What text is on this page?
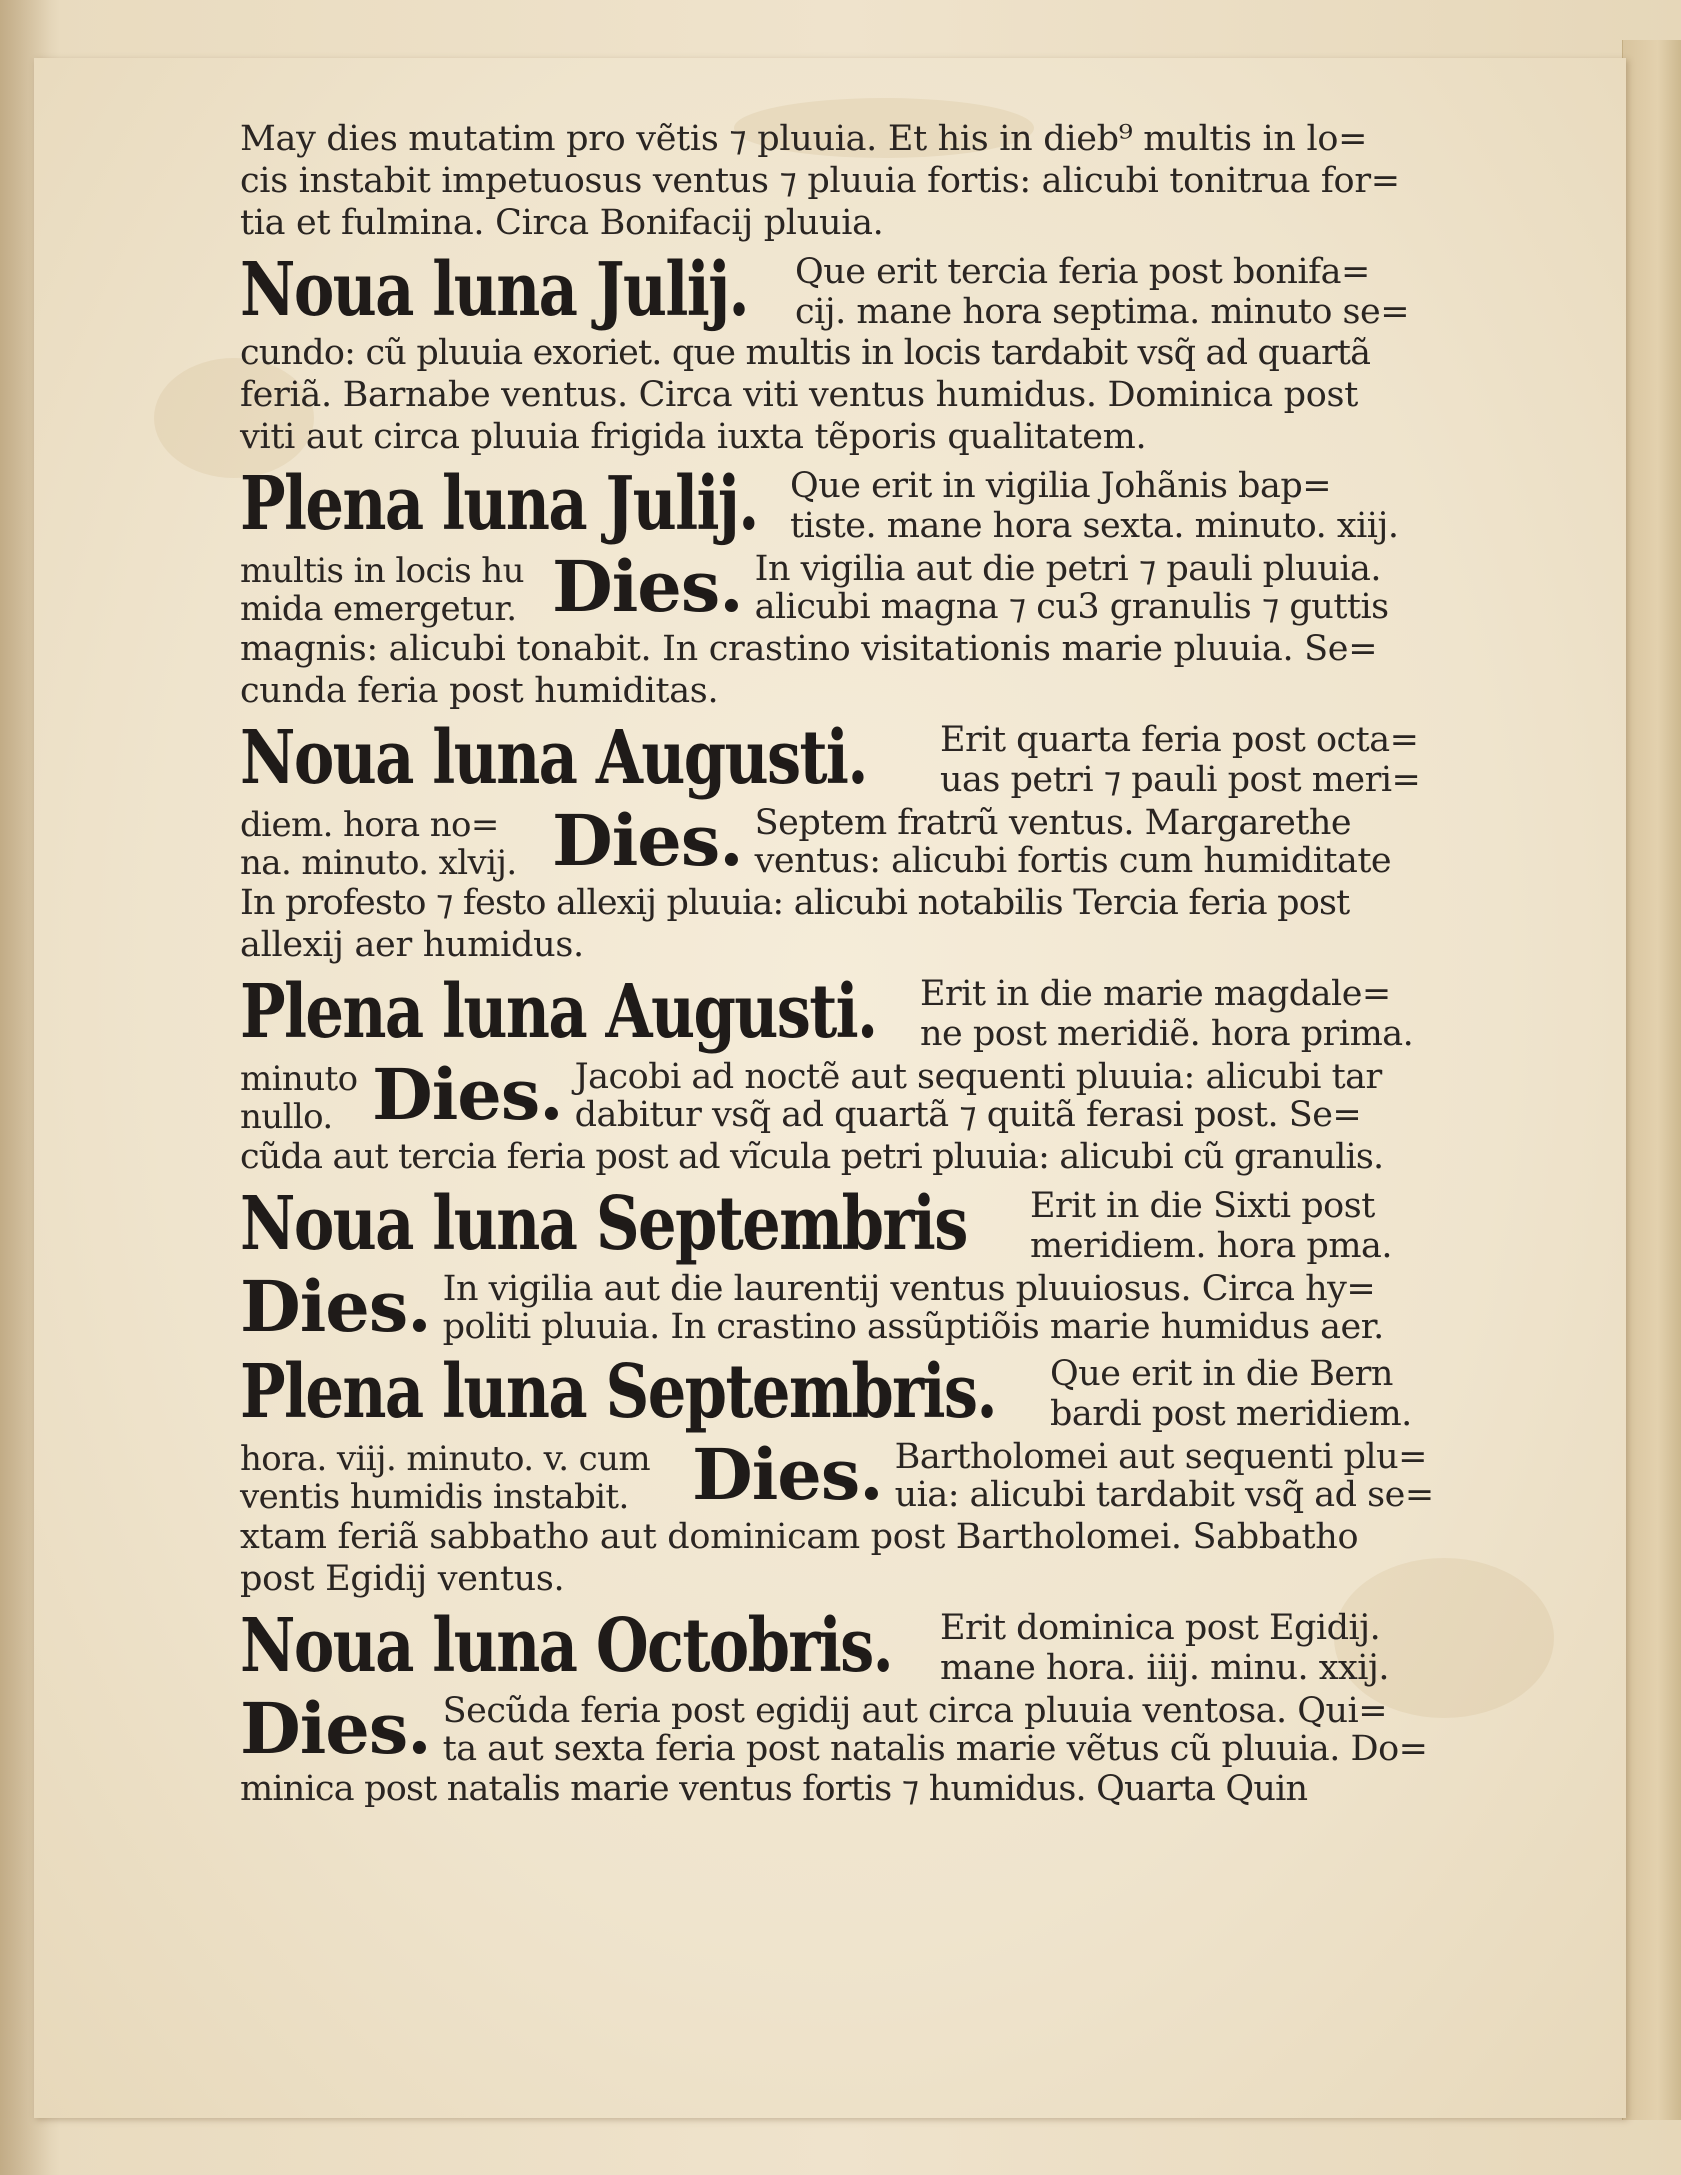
May dies mutatim pro vẽtis ⁊ pluuia. Et his in dieb⁹ multis in lo=
cis instabit impetuosus ventus ⁊ pluuia fortis: alicubi tonitrua for=
tia et fulmina. Circa Bonifacij pluuia.
Noua luna Julij. Que erit tercia feria post bonifa=
cij. mane hora septima. minuto se=
cundo: cũ pluuia exoriet. que multis in locis tardabit vsq̃ ad quartã
feriã. Barnabe ventus. Circa viti ventus humidus. Dominica post
viti aut circa pluuia frigida iuxta tẽporis qualitatem.
Plena luna Julij. Que erit in vigilia Johãnis bap=
tiste. mane hora sexta. minuto. xiij.
multis in locis hu
mida emergetur. Dies. In vigilia aut die petri ⁊ pauli pluuia.
alicubi magna ⁊ cu3 granulis ⁊ guttis
magnis: alicubi tonabit. In crastino visitationis marie pluuia. Se=
cunda feria post humiditas.
Noua luna Augusti. Erit quarta feria post octa=
uas petri ⁊ pauli post meri=
diem. hora no=
na. minuto. xlvij. Dies. Septem fratrũ ventus. Margarethe
ventus: alicubi fortis cum humiditate
In profesto ⁊ festo allexij pluuia: alicubi notabilis Tercia feria post
allexij aer humidus.
Plena luna Augusti. Erit in die marie magdale=
ne post meridiẽ. hora prima.
minuto
nullo. Dies. Jacobi ad noctẽ aut sequenti pluuia: alicubi tar
dabitur vsq̃ ad quartã ⁊ quitã ferasi post. Se=
cũda aut tercia feria post ad vĩcula petri pluuia: alicubi cũ granulis.
Noua luna Septembris Erit in die Sixti post
meridiem. hora pma.
Dies. In vigilia aut die laurentij ventus pluuiosus. Circa hy=
politi pluuia. In crastino assũptiõis marie humidus aer.
Plena luna Septembris. Que erit in die Bern
bardi post meridiem.
hora. viij. minuto. v. cum
ventis humidis instabit. Dies. Bartholomei aut sequenti plu=
uia: alicubi tardabit vsq̃ ad se=
xtam feriã sabbatho aut dominicam post Bartholomei. Sabbatho
post Egidij ventus.
Noua luna Octobris. Erit dominica post Egidij.
mane hora. iiij. minu. xxij.
Dies. Secũda feria post egidij aut circa pluuia ventosa. Qui=
ta aut sexta feria post natalis marie vẽtus cũ pluuia. Do=
minica post natalis marie ventus fortis ⁊ humidus. Quarta Quin
